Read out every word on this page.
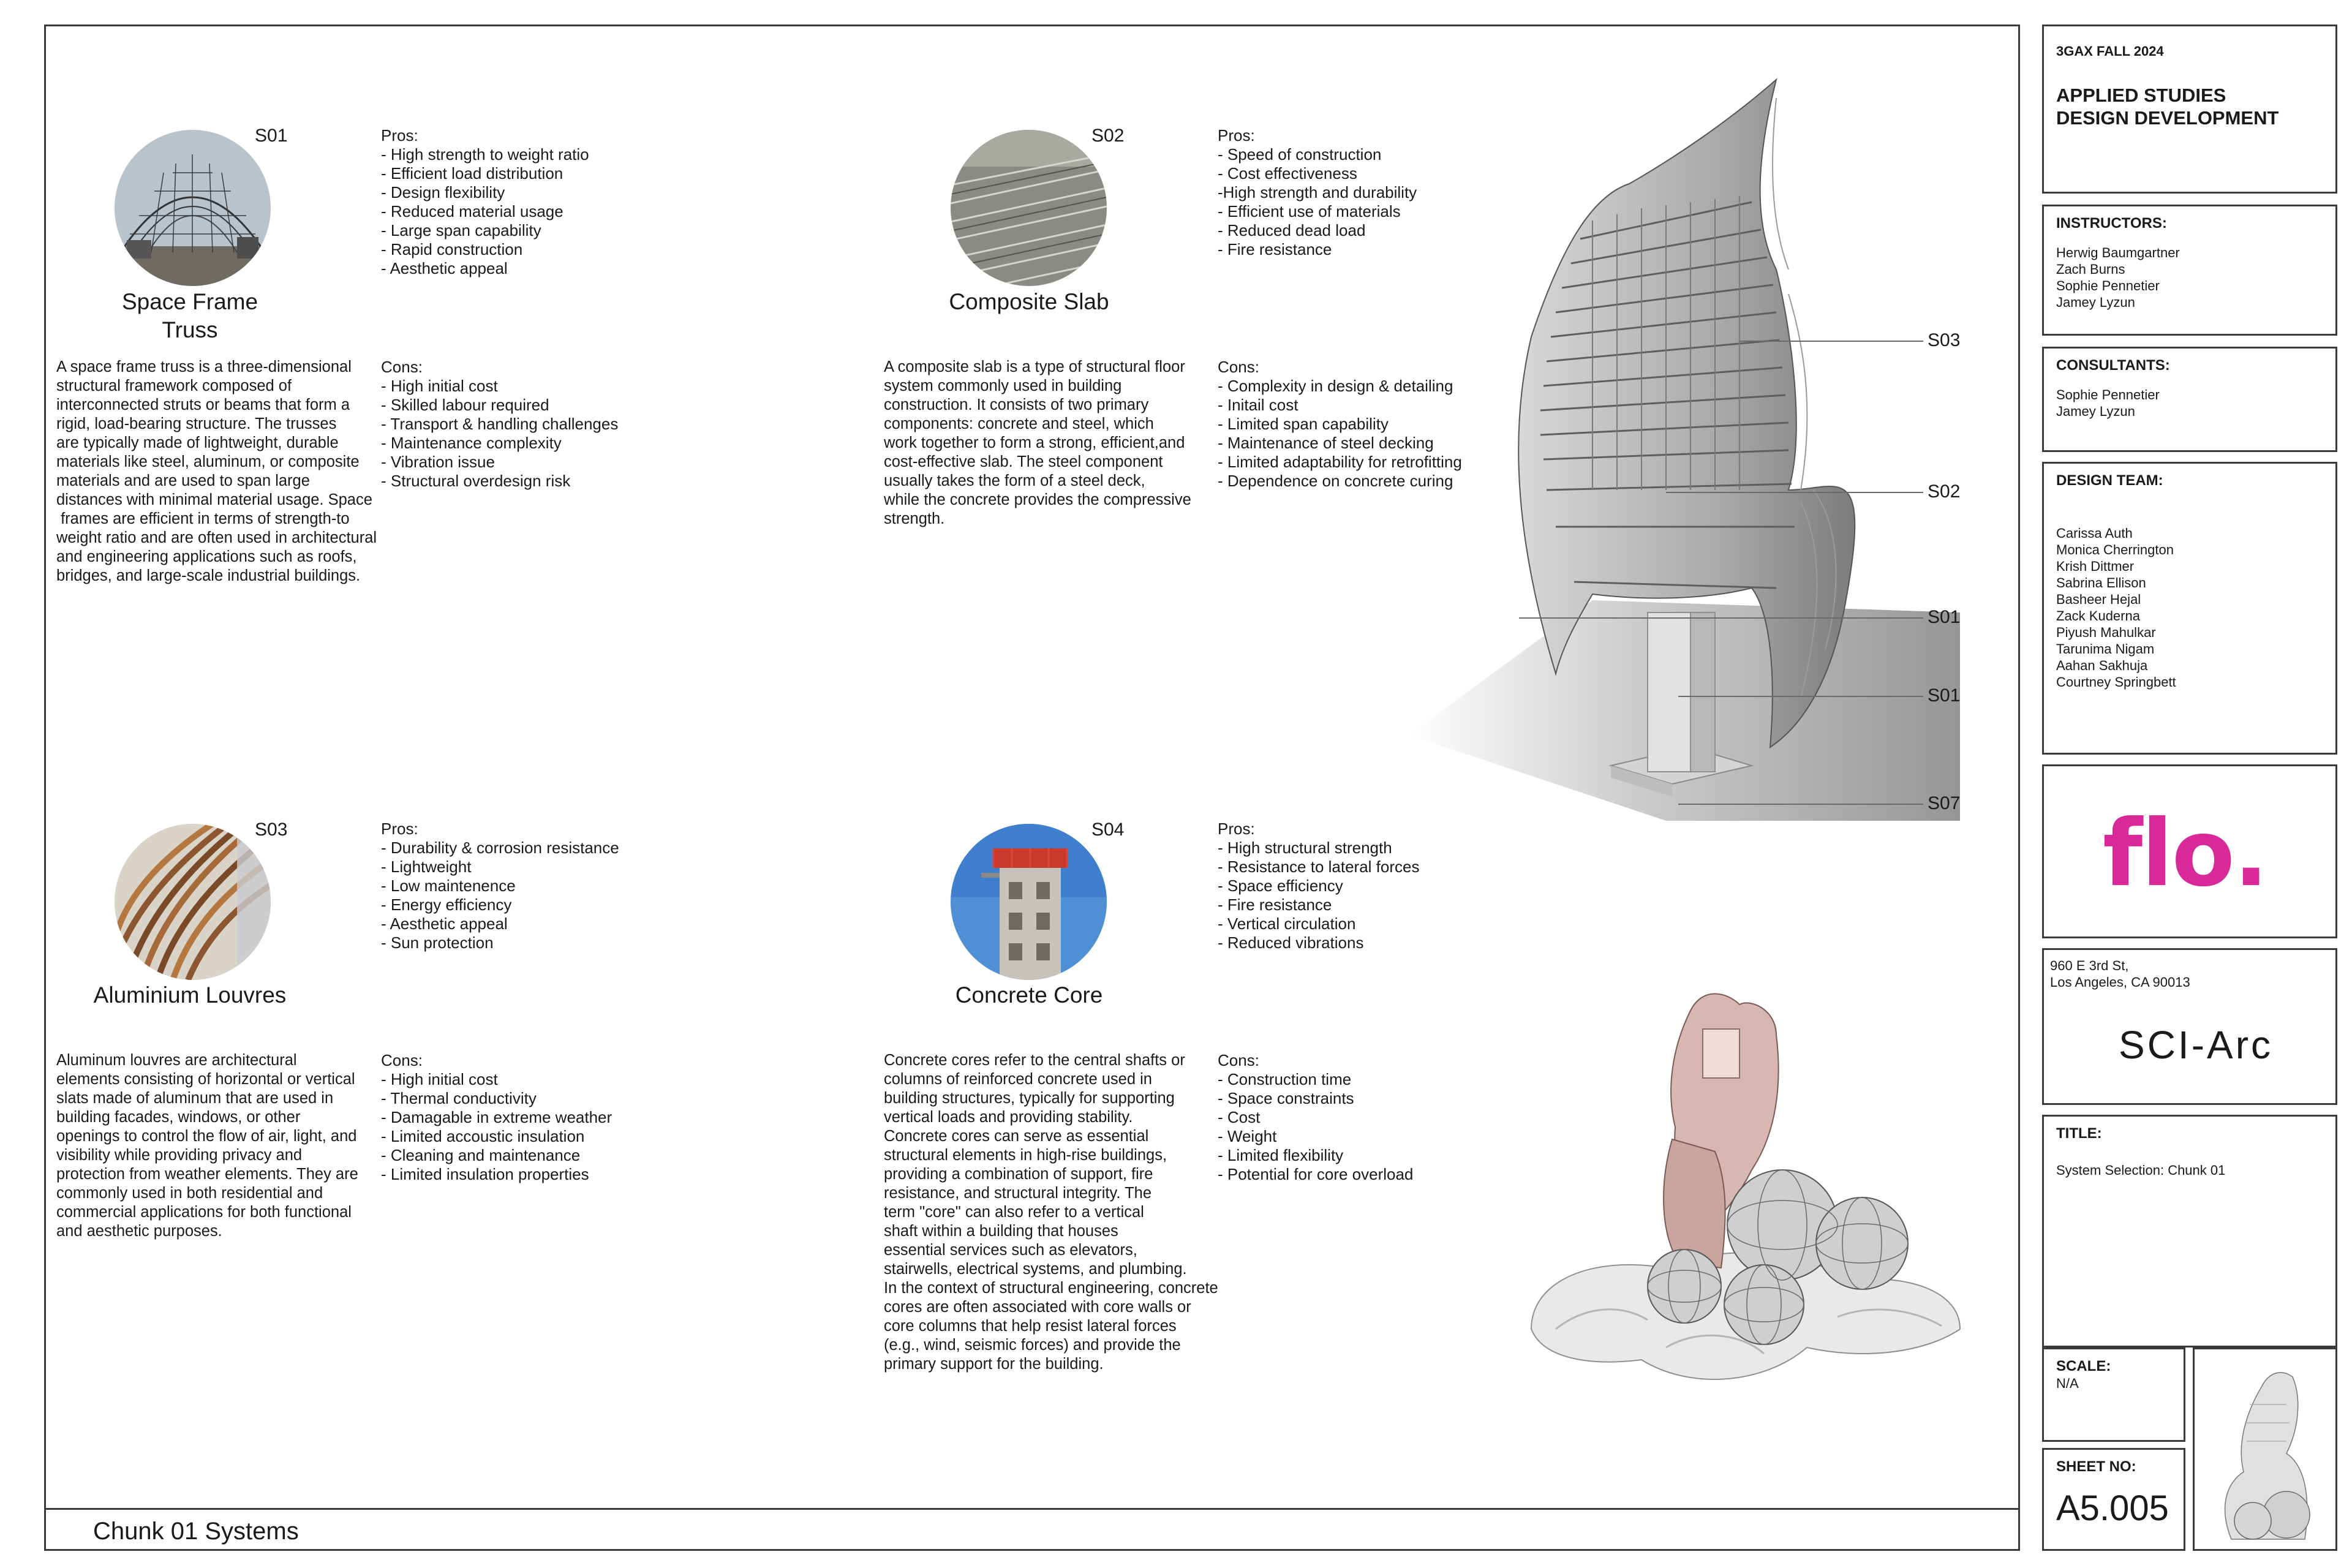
Chunk 01 Systems
S01
Space Frame
Truss
Pros:
- High strength to weight ratio
- Efficient load distribution
- Design flexibility
- Reduced material usage
- Large span capability
- Rapid construction
- Aesthetic appeal
A space frame truss is a three-dimensional
structural framework composed of
interconnected struts or beams that form a
rigid, load-bearing structure. The trusses
are typically made of lightweight, durable
materials like steel, aluminum, or composite
materials and are used to span large
distances with minimal material usage. Space
frames are efficient in terms of strength-to
weight ratio and are often used in architectural
and engineering applications such as roofs,
bridges, and large-scale industrial buildings.
Cons:
- High initial cost
- Skilled labour required
- Transport & handling challenges
- Maintenance complexity
- Vibration issue
- Structural overdesign risk
S02
Composite Slab
Pros:
- Speed of construction
- Cost effectiveness
-High strength and durability
- Efficient use of materials
- Reduced dead load
- Fire resistance
A composite slab is a type of structural floor
system commonly used in building
construction. It consists of two primary
components: concrete and steel, which
work together to form a strong, efficient,and
cost-effective slab. The steel component
usually takes the form of a steel deck,
while the concrete provides the compressive
strength.
Cons:
- Complexity in design & detailing
- Initail cost
- Limited span capability
- Maintenance of steel decking
- Limited adaptability for retrofitting
- Dependence on concrete curing
S03
Aluminium Louvres
Pros:
- Durability & corrosion resistance
- Lightweight
- Low maintenence
- Energy efficiency
- Aesthetic appeal
- Sun protection
Aluminum louvres are architectural
elements consisting of horizontal or vertical
slats made of aluminum that are used in
building facades, windows, or other
openings to control the flow of air, light, and
visibility while providing privacy and
protection from weather elements. They are
commonly used in both residential and
commercial applications for both functional
and aesthetic purposes.
Cons:
- High initial cost
- Thermal conductivity
- Damagable in extreme weather
- Limited accoustic insulation
- Cleaning and maintenance
- Limited insulation properties
S04
Concrete Core
Pros:
- High structural strength
- Resistance to lateral forces
- Space efficiency
- Fire resistance
- Vertical circulation
- Reduced vibrations
Concrete cores refer to the central shafts or
columns of reinforced concrete used in
building structures, typically for supporting
vertical loads and providing stability.
Concrete cores can serve as essential
structural elements in high-rise buildings,
providing a combination of support, fire
resistance, and structural integrity. The
term "core" can also refer to a vertical
shaft within a building that houses
essential services such as elevators,
stairwells, electrical systems, and plumbing.
In the context of structural engineering, concrete
cores are often associated with core walls or
core columns that help resist lateral forces
(e.g., wind, seismic forces) and provide the
primary support for the building.
Cons:
- Construction time
- Space constraints
- Cost
- Weight
- Limited flexibility
- Potential for core overload
S03
S02
S01
S01
S07
3GAX FALL 2024
APPLIED STUDIES
DESIGN DEVELOPMENT
INSTRUCTORS:
Herwig Baumgartner
Zach Burns
Sophie Pennetier
Jamey Lyzun
CONSULTANTS:
Sophie Pennetier
Jamey Lyzun
DESIGN TEAM:
Carissa Auth
Monica Cherrington
Krish Dittmer
Sabrina Ellison
Basheer Hejal
Zack Kuderna
Piyush Mahulkar
Tarunima Nigam
Aahan Sakhuja
Courtney Springbett
flo.
960 E 3rd St,
Los Angeles, CA 90013
SCI-Arc
TITLE:
System Selection: Chunk 01
SCALE:
N/A
SHEET NO:
A5.005
